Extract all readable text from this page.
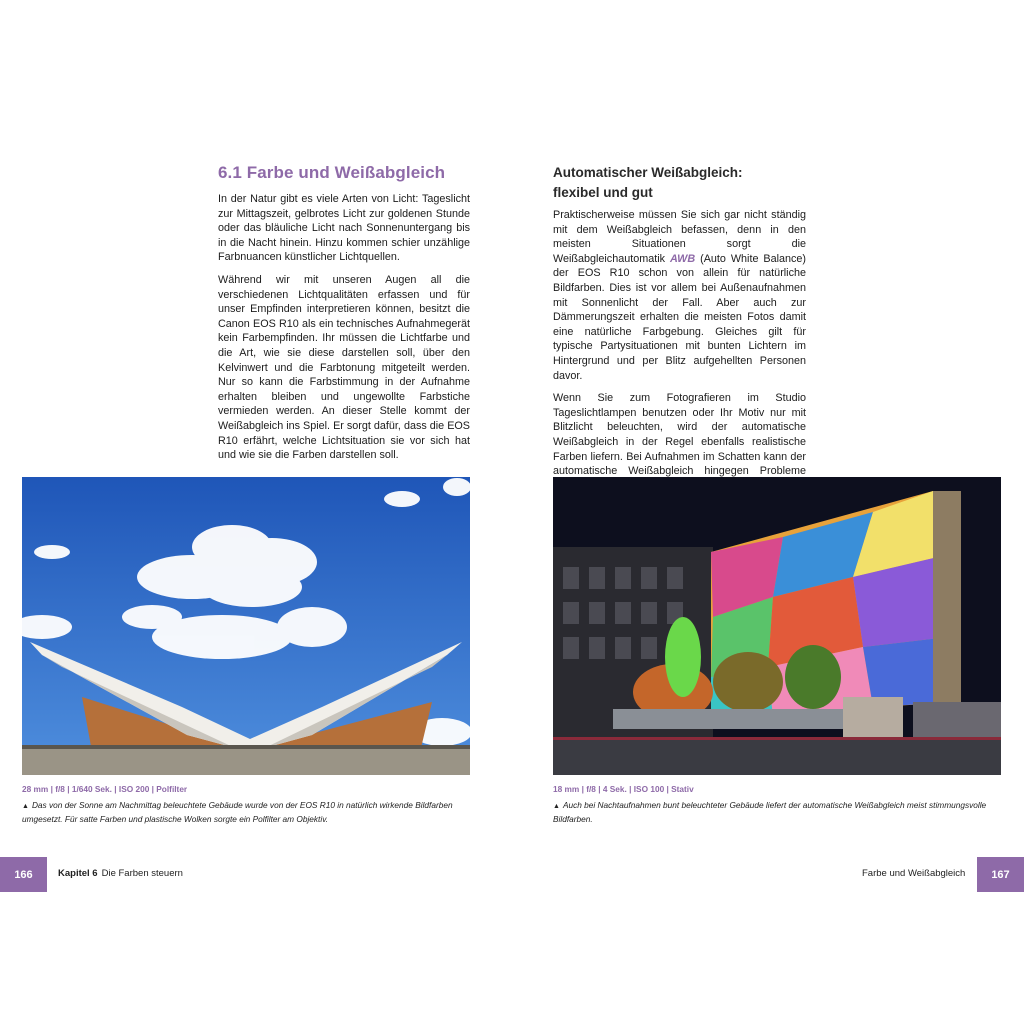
6.1 Farbe und Weißabgleich

In der Natur gibt es viele Arten von Licht: Tageslicht zur Mittagszeit, gelbrotes Licht zur goldenen Stunde oder das bläuliche Licht nach Sonnenuntergang bis in die Nacht hinein. Hinzu kommen schier unzählige Farbnuancen künstlicher Lichtquellen.

Während wir mit unseren Augen all die verschiedenen Lichtqualitäten erfassen und für unser Empfinden interpretieren können, besitzt die Canon EOS R10 als ein technisches Aufnahmegerät kein Farbempfinden. Ihr müssen die Lichtfarbe und die Art, wie sie diese darstellen soll, über den Kelvinwert und die Farbtonung mitgeteilt werden. Nur so kann die Farbstimmung in der Aufnahme erhalten bleiben und ungewollte Farbstiche vermieden werden. An dieser Stelle kommt der Weißabgleich ins Spiel. Er sorgt dafür, dass die EOS R10 erfährt, welche Lichtsituation sie vor sich hat und wie sie die Farben darstellen soll.

28 mm | f/8 | 1/640 Sek. | ISO 200 | Polfilter
▲ Das von der Sonne am Nachmittag beleuchtete Gebäude wurde von der EOS R10 in natürlich wirkende Bildfarben umgesetzt. Für satte Farben und plastische Wolken sorgte ein Polfilter am Objektiv.
166	Kapitel 6 Die Farben steuern
Automatischer Weißabgleich:
flexibel und gut

Praktischerweise müssen Sie sich gar nicht ständig mit dem Weißabgleich befassen, denn in den meisten Situationen sorgt die Weißabgleichautomatik AWB (Auto White Balance) der EOS R10 schon von allein für natürliche Bildfarben. Dies ist vor allem bei Außenaufnahmen mit Sonnenlicht der Fall. Aber auch zur Dämmerungszeit erhalten die meisten Fotos damit eine natürliche Farbgebung. Gleiches gilt für typische Partysituationen mit bunten Lichtern im Hintergrund und per Blitz aufgehellten Personen davor.

Wenn Sie zum Fotografieren im Studio Tageslichtlampen benutzen oder Ihr Motiv nur mit Blitzlicht beleuchten, wird der automatische Weißabgleich in der Regel ebenfalls realistische Farben liefern. Bei Aufnahmen im Schatten kann der automatische Weißabgleich hingegen Probleme

18 mm | f/8 | 4 Sek. | ISO 100 | Stativ
▲ Auch bei Nachtaufnahmen bunt beleuchteter Gebäude liefert der automatische Weißabgleich meist stimmungsvolle Bildfarben.
Farbe und Weißabgleich	167
